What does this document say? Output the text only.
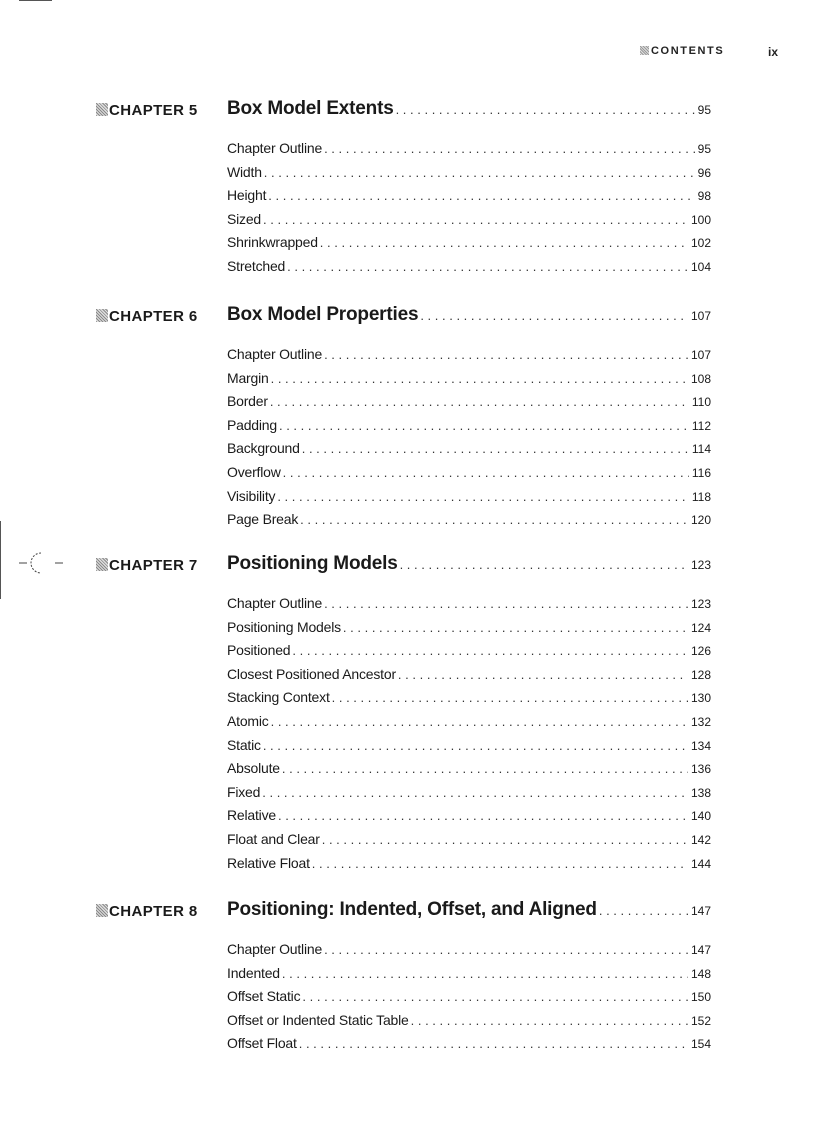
CONTENTS	ix
CHAPTER 5 Box Model Extents . . .	95
Chapter Outline . . .	95
Width . . .	96
Height . . .	98
Sized . . .	100
Shrinkwrapped . . .	102
Stretched . . .	104
CHAPTER 6 Box Model Properties . . .	107
Chapter Outline . . .	107
Margin . . .	108
Border . . .	110
Padding . . .	112
Background . . .	114
Overflow . . .	116
Visibility . . .	118
Page Break . . .	120
CHAPTER 7 Positioning Models . . .	123
Chapter Outline . . .	123
Positioning Models . . .	124
Positioned . . .	126
Closest Positioned Ancestor . . .	128
Stacking Context . . .	130
Atomic . . .	132
Static . . .	134
Absolute . . .	136
Fixed . . .	138
Relative . . .	140
Float and Clear . . .	142
Relative Float . . .	144
CHAPTER 8 Positioning: Indented, Offset, and Aligned . . .	147
Chapter Outline . . .	147
Indented . . .	148
Offset Static . . .	150
Offset or Indented Static Table . . .	152
Offset Float . . .	154
